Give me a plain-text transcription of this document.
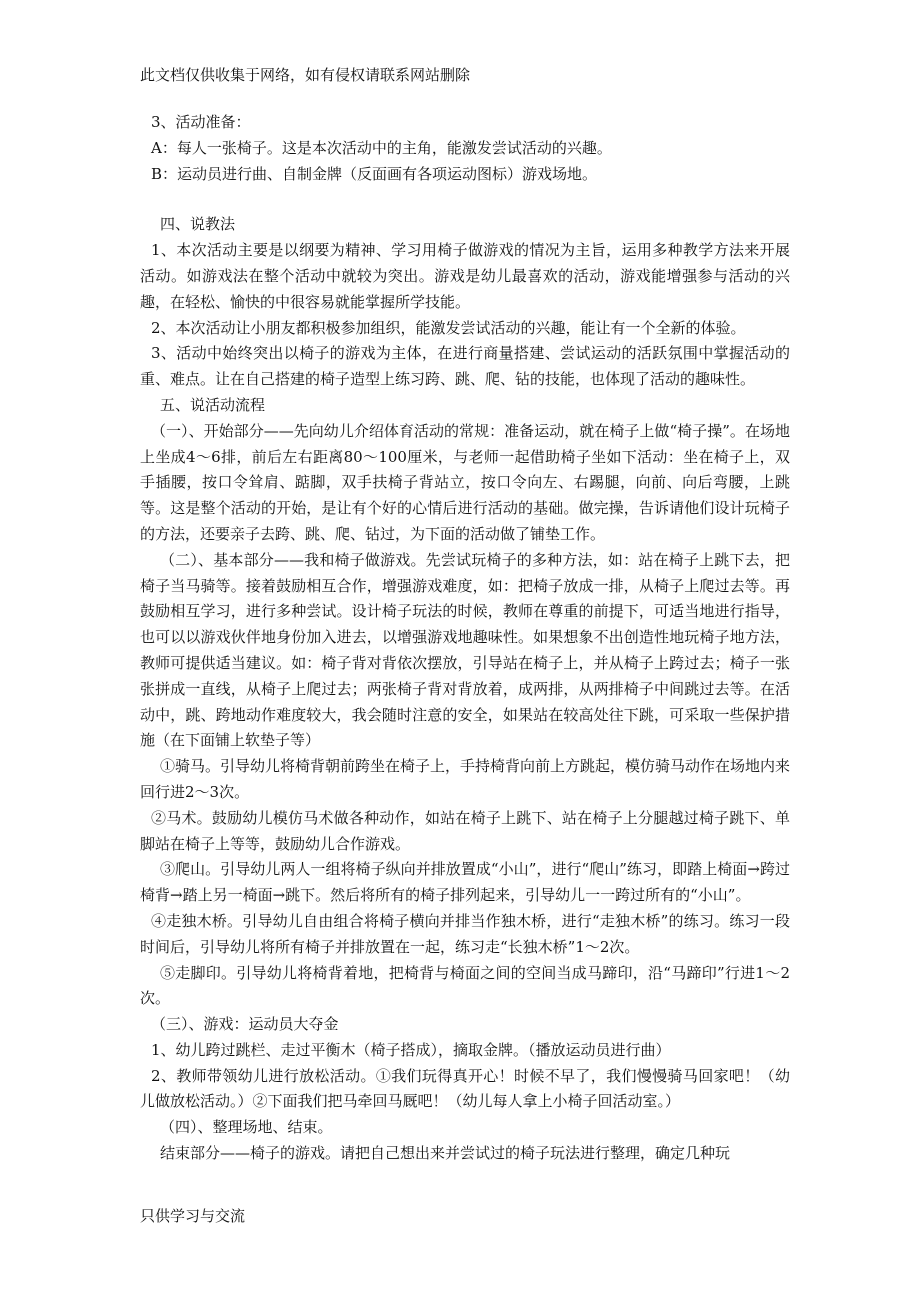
此文档仅供收集于网络，如有侵权请联系网站删除

3、活动准备：

A：每人一张椅子。这是本次活动中的主角，能激发尝试活动的兴趣。

B：运动员进行曲、自制金牌（反面画有各项运动图标）游戏场地。

四、说教法

1、本次活动主要是以纲要为精神、学习用椅子做游戏的情况为主旨，运用多种教学方法来开展活动。如游戏法在整个活动中就较为突出。游戏是幼儿最喜欢的活动，游戏能增强参与活动的兴趣，在轻松、愉快的中很容易就能掌握所学技能。

2、本次活动让小朋友都积极参加组织，能激发尝试活动的兴趣，能让有一个全新的体验。

3、活动中始终突出以椅子的游戏为主体，在进行商量搭建、尝试运动的活跃氛围中掌握活动的重、难点。让在自己搭建的椅子造型上练习跨、跳、爬、钻的技能，也体现了活动的趣味性。

五、说活动流程

（一）、开始部分——先向幼儿介绍体育活动的常规：准备运动，就在椅子上做“椅子操”。在场地上坐成4～6排，前后左右距离80～100厘米，与老师一起借助椅子坐如下活动：坐在椅子上，双手插腰，按口令耸肩、踮脚，双手扶椅子背站立，按口令向左、右踢腿，向前、向后弯腰，上跳等。这是整个活动的开始，是让有个好的心情后进行活动的基础。做完操，告诉请他们设计玩椅子的方法，还要亲子去跨、跳、爬、钻过，为下面的活动做了铺垫工作。

（二）、基本部分——我和椅子做游戏。先尝试玩椅子的多种方法，如：站在椅子上跳下去，把椅子当马骑等。接着鼓励相互合作，增强游戏难度，如：把椅子放成一排，从椅子上爬过去等。再鼓励相互学习，进行多种尝试。设计椅子玩法的时候，教师在尊重的前提下，可适当地进行指导，也可以以游戏伙伴地身份加入进去，以增强游戏地趣味性。如果想象不出创造性地玩椅子地方法，教师可提供适当建议。如：椅子背对背依次摆放，引导站在椅子上，并从椅子上跨过去；椅子一张张拼成一直线，从椅子上爬过去；两张椅子背对背放着，成两排，从两排椅子中间跳过去等。在活动中，跳、跨地动作难度较大，我会随时注意的安全，如果站在较高处往下跳，可采取一些保护措施（在下面铺上软垫子等）

①骑马。引导幼儿将椅背朝前跨坐在椅子上，手持椅背向前上方跳起，模仿骑马动作在场地内来回行进2～3次。

②马术。鼓励幼儿模仿马术做各种动作，如站在椅子上跳下、站在椅子上分腿越过椅子跳下、单脚站在椅子上等等，鼓励幼儿合作游戏。

③爬山。引导幼儿两人一组将椅子纵向并排放置成“小山”，进行“爬山”练习，即踏上椅面→跨过椅背→踏上另一椅面→跳下。然后将所有的椅子排列起来，引导幼儿一一跨过所有的“小山”。

④走独木桥。引导幼儿自由组合将椅子横向并排当作独木桥，进行“走独木桥”的练习。练习一段时间后，引导幼儿将所有椅子并排放置在一起，练习走“长独木桥”1～2次。

⑤走脚印。引导幼儿将椅背着地，把椅背与椅面之间的空间当成马蹄印，沿“马蹄印”行进1～2次。

（三）、游戏：运动员大夺金

1、幼儿跨过跳栏、走过平衡木（椅子搭成），摘取金牌。（播放运动员进行曲）

2、教师带领幼儿进行放松活动。①我们玩得真开心！时候不早了，我们慢慢骑马回家吧！（幼儿做放松活动。）②下面我们把马牵回马厩吧！（幼儿每人拿上小椅子回活动室。）

（四）、整理场地、结束。

结束部分——椅子的游戏。请把自己想出来并尝试过的椅子玩法进行整理，确定几种玩

只供学习与交流
